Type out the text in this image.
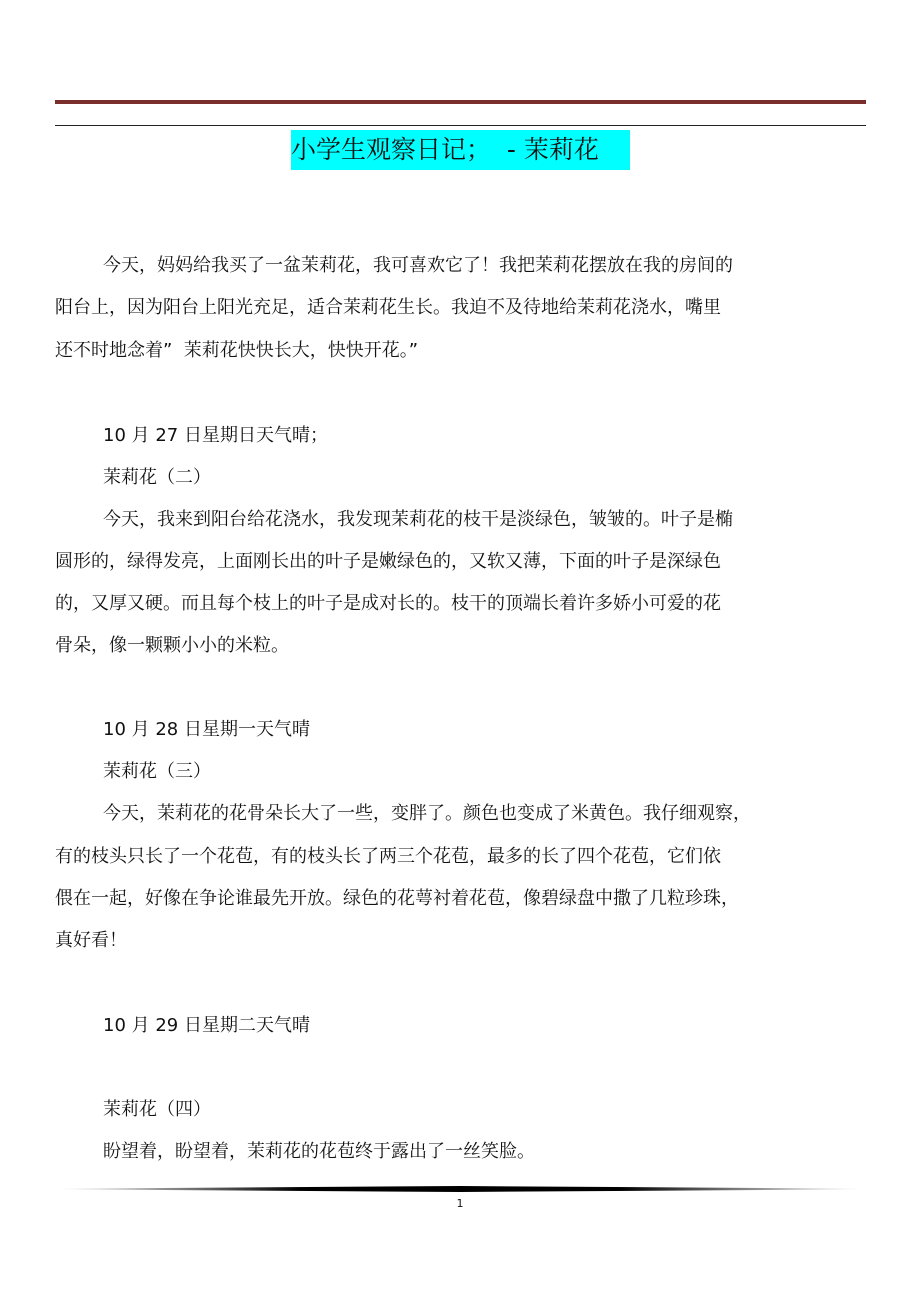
小学生观察日记；  - 茉莉花
今天，妈妈给我买了一盆茉莉花，我可喜欢它了！我把茉莉花摆放在我的房间的
阳台上，因为阳台上阳光充足，适合茉莉花生长。我迫不及待地给茉莉花浇水，嘴里
还不时地念着”  茉莉花快快长大，快快开花。”
10 月 27 日星期日天气晴；
茉莉花（二）
今天，我来到阳台给花浇水，我发现茉莉花的枝干是淡绿色，皱皱的。叶子是椭
圆形的，绿得发亮，上面刚长出的叶子是嫩绿色的，又软又薄，下面的叶子是深绿色
的，又厚又硬。而且每个枝上的叶子是成对长的。枝干的顶端长着许多娇小可爱的花
骨朵，像一颗颗小小的米粒。
10 月 28 日星期一天气晴
茉莉花（三）
今天，茉莉花的花骨朵长大了一些，变胖了。颜色也变成了米黄色。我仔细观察，
有的枝头只长了一个花苞，有的枝头长了两三个花苞，最多的长了四个花苞，它们依
偎在一起，好像在争论谁最先开放。绿色的花萼衬着花苞，像碧绿盘中撒了几粒珍珠，
真好看！
10 月 29 日星期二天气晴
茉莉花（四）
盼望着，盼望着，茉莉花的花苞终于露出了一丝笑脸。
1
